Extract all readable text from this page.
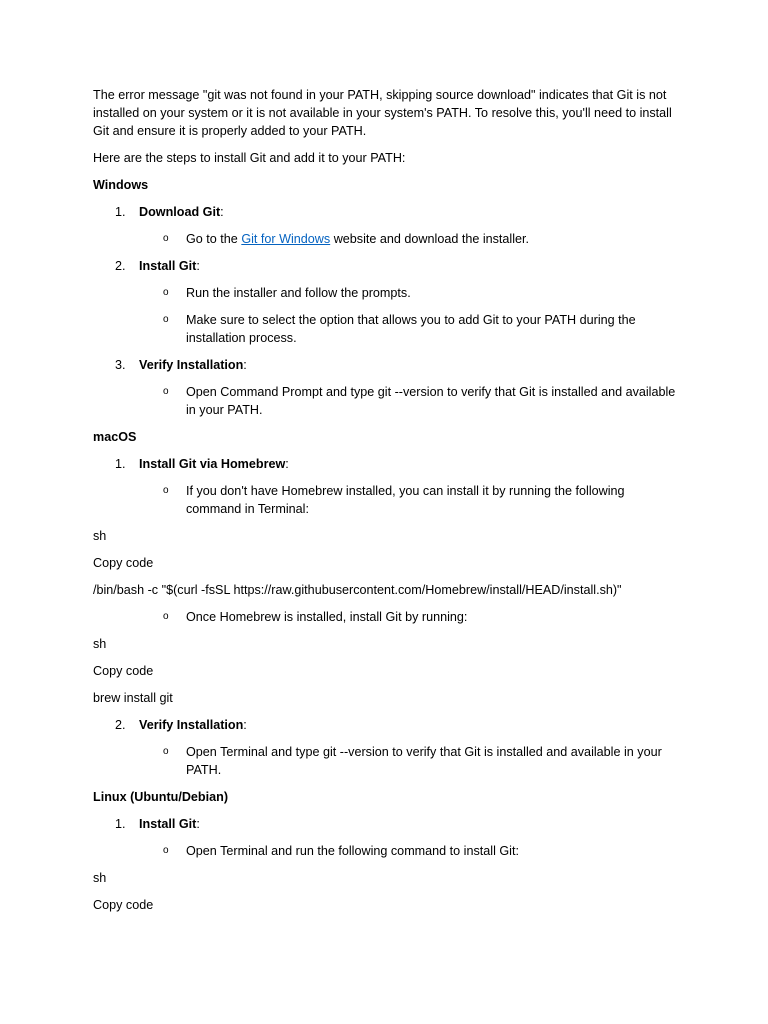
The error message "git was not found in your PATH, skipping source download" indicates that Git is not installed on your system or it is not available in your system's PATH. To resolve this, you'll need to install Git and ensure it is properly added to your PATH.

Here are the steps to install Git and add it to your PATH:

Windows

1. Download Git:
o Go to the Git for Windows website and download the installer.
2. Install Git:
o Run the installer and follow the prompts.
o Make sure to select the option that allows you to add Git to your PATH during the installation process.
3. Verify Installation:
o Open Command Prompt and type git --version to verify that Git is installed and available in your PATH.

macOS

1. Install Git via Homebrew:
o If you don't have Homebrew installed, you can install it by running the following command in Terminal:

sh

Copy code

/bin/bash -c "$(curl -fsSL https://raw.githubusercontent.com/Homebrew/install/HEAD/install.sh)"

o Once Homebrew is installed, install Git by running:

sh

Copy code

brew install git

2. Verify Installation:
o Open Terminal and type git --version to verify that Git is installed and available in your PATH.

Linux (Ubuntu/Debian)

1. Install Git:
o Open Terminal and run the following command to install Git:

sh

Copy code
